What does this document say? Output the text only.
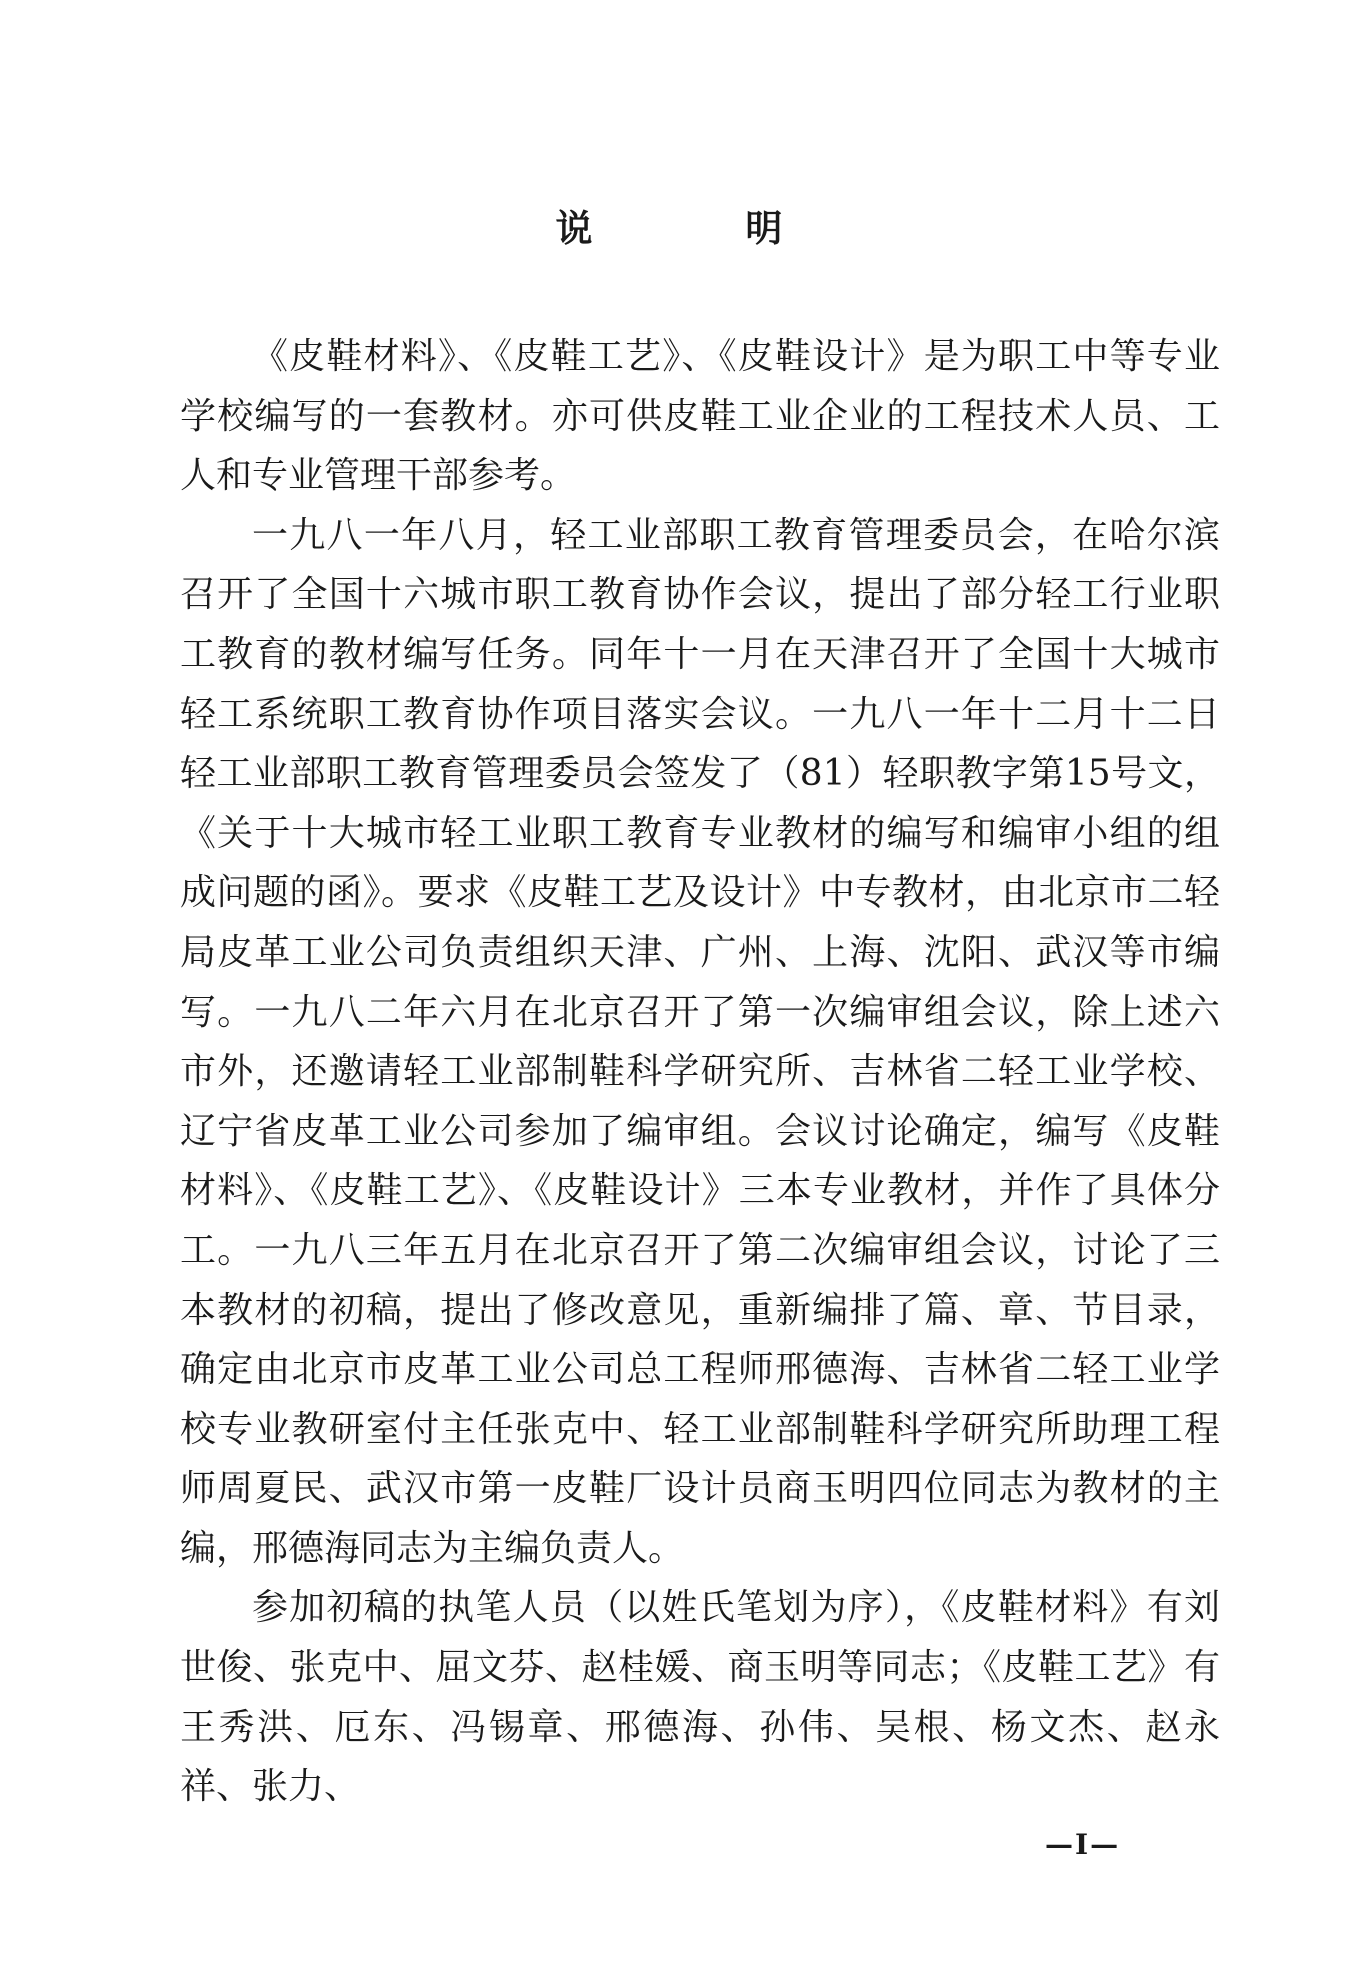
说 明

《皮鞋材料》、《皮鞋工艺》、《皮鞋设计》是为职工中等专业学校编写的一套教材。亦可供皮鞋工业企业的工程技术人员、工人和专业管理干部参考。

一九八一年八月，轻工业部职工教育管理委员会，在哈尔滨召开了全国十六城市职工教育协作会议，提出了部分轻工行业职工教育的教材编写任务。同年十一月在天津召开了全国十大城市轻工系统职工教育协作项目落实会议。一九八一年十二月十二日轻工业部职工教育管理委员会签发了（81）轻职教字第15号文，《关于十大城市轻工业职工教育专业教材的编写和编审小组的组成问题的函》。要求《皮鞋工艺及设计》中专教材，由北京市二轻局皮革工业公司负责组织天津、广州、上海、沈阳、武汉等市编写。一九八二年六月在北京召开了第一次编审组会议，除上述六市外，还邀请轻工业部制鞋科学研究所、吉林省二轻工业学校、辽宁省皮革工业公司参加了编审组。会议讨论确定，编写《皮鞋材料》、《皮鞋工艺》、《皮鞋设计》三本专业教材，并作了具体分工。一九八三年五月在北京召开了第二次编审组会议，讨论了三本教材的初稿，提出了修改意见，重新编排了篇、章、节目录，确定由北京市皮革工业公司总工程师邢德海、吉林省二轻工业学校专业教研室付主任张克中、轻工业部制鞋科学研究所助理工程师周夏民、武汉市第一皮鞋厂设计员商玉明四位同志为教材的主编，邢德海同志为主编负责人。

参加初稿的执笔人员（以姓氏笔划为序），《皮鞋材料》有刘世俊、张克中、屈文芬、赵桂媛、商玉明等同志；《皮鞋工艺》有王秀洪、厄东、冯锡章、邢德海、孙伟、吴根、杨文杰、赵永祥、张力、

—Ⅰ—
